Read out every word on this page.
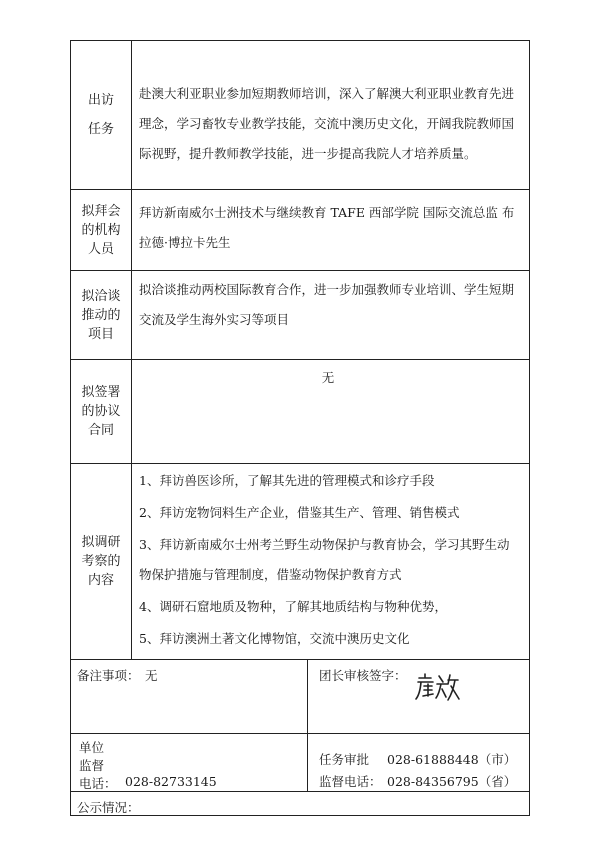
出访
任务

赴澳大利亚职业参加短期教师培训，深入了解澳大利亚职业教育先进

理念，学习畜牧专业教学技能，交流中澳历史文化，开阔我院教师国

际视野，提升教师教学技能，进一步提高我院人才培养质量。

拟拜会
的机构
人员

拜访新南威尔士洲技术与继续教育 TAFE 西部学院 国际交流总监 布

拉德·博拉卡先生

拟洽谈
推动的
项目

拟洽谈推动两校国际教育合作，进一步加强教师专业培训、学生短期

交流及学生海外实习等项目

拟签署
的协议
合同
无
拟调研
考察的
内容

1、拜访兽医诊所，了解其先进的管理模式和诊疗手段

2、拜访宠物饲料生产企业，借鉴其生产、管理、销售模式

3、拜访新南威尔士州考兰野生动物保护与教育协会，学习其野生动

物保护措施与管理制度，借鉴动物保护教育方式

4、调研石窟地质及物种，了解其地质结构与物种优势，

5、拜访澳洲土著文化博物馆，交流中澳历史文化

备注事项： 无	团长审核签字：
单位
监督
电话： 028-82733145
任务审批 028-61888448（市）
监督电话： 028-84356795（省）
公示情况：
